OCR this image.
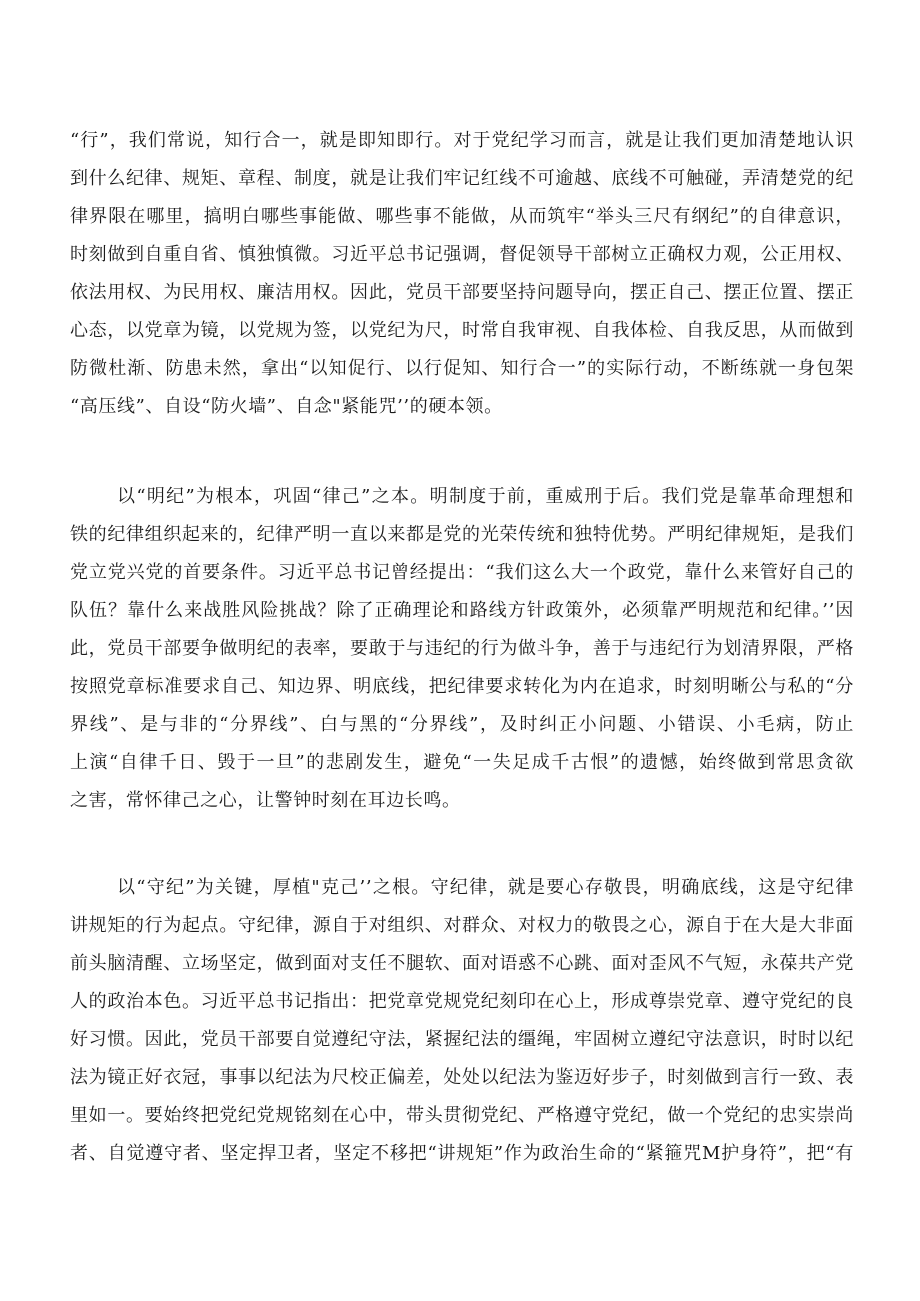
“行”，我们常说，知行合一，就是即知即行。对于党纪学习而言，就是让我们更加清楚地认识
到什么纪律、规矩、章程、制度，就是让我们牢记红线不可逾越、底线不可触碰，弄清楚党的纪
律界限在哪里，搞明白哪些事能做、哪些事不能做，从而筑牢“举头三尺有纲纪”的自律意识，
时刻做到自重自省、慎独慎微。习近平总书记强调，督促领导干部树立正确权力观，公正用权、
依法用权、为民用权、廉洁用权。因此，党员干部要坚持问题导向，摆正自己、摆正位置、摆正
心态，以党章为镜，以党规为签，以党纪为尺，时常自我审视、自我体检、自我反思，从而做到
防微杜渐、防患未然，拿出“以知促行、以行促知、知行合一”的实际行动，不断练就一身包架
“高压线”、自设“防火墙”、自念"紧能咒’’的硬本领。
以“明纪”为根本，巩固“律己”之本。明制度于前，重威刑于后。我们党是靠革命理想和
铁的纪律组织起来的，纪律严明一直以来都是党的光荣传统和独特优势。严明纪律规矩，是我们
党立党兴党的首要条件。习近平总书记曾经提出：“我们这么大一个政党，靠什么来管好自己的
队伍？靠什么来战胜风险挑战？除了正确理论和路线方针政策外，必须靠严明规范和纪律。’’因
此，党员干部要争做明纪的表率，要敢于与违纪的行为做斗争，善于与违纪行为划清界限，严格
按照党章标准要求自己、知边界、明底线，把纪律要求转化为内在追求，时刻明晰公与私的“分
界线”、是与非的“分界线”、白与黑的“分界线”，及时纠正小问题、小错误、小毛病，防止
上演“自律千日、毁于一旦”的悲剧发生，避免“一失足成千古恨”的遗憾，始终做到常思贪欲
之害，常怀律己之心，让警钟时刻在耳边长鸣。
以“守纪”为关键，厚植"克己’’之根。守纪律，就是要心存敬畏，明确底线，这是守纪律
讲规矩的行为起点。守纪律，源自于对组织、对群众、对权力的敬畏之心，源自于在大是大非面
前头脑清醒、立场坚定，做到面对支任不腿软、面对语惑不心跳、面对歪风不气短，永葆共产党
人的政治本色。习近平总书记指出：把党章党规党纪刻印在心上，形成尊崇党章、遵守党纪的良
好习惯。因此，党员干部要自觉遵纪守法，紧握纪法的缰绳，牢固树立遵纪守法意识，时时以纪
法为镜正好衣冠，事事以纪法为尺校正偏差，处处以纪法为鉴迈好步子，时刻做到言行一致、表
里如一。要始终把党纪党规铭刻在心中，带头贯彻党纪、严格遵守党纪，做一个党纪的忠实崇尚
者、自觉遵守者、坚定捍卫者，坚定不移把“讲规矩”作为政治生命的“紧箍咒M护身符”，把“有
